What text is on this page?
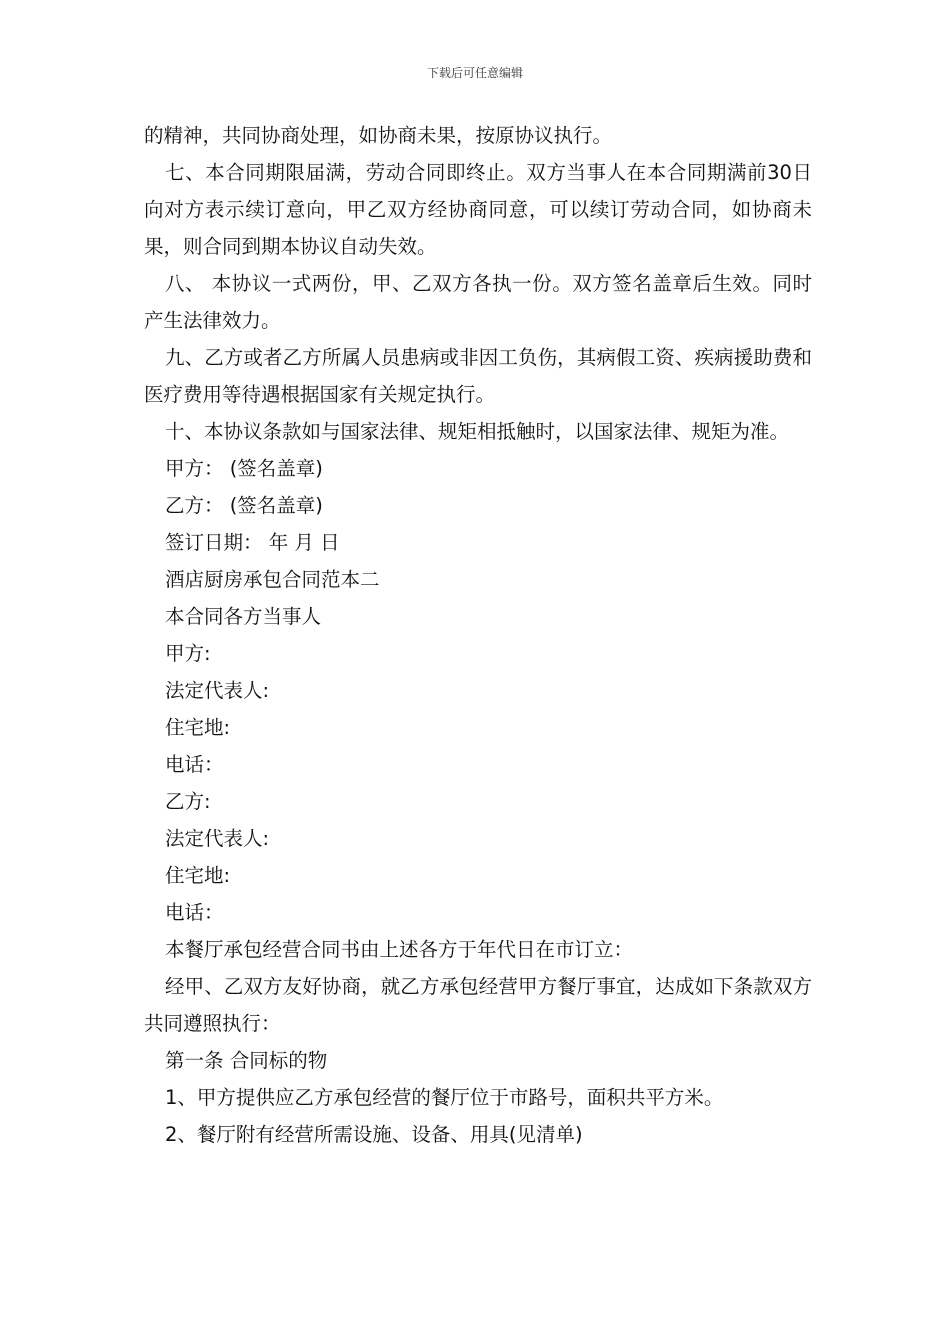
下载后可任意编辑

的精神，共同协商处理，如协商未果，按原协议执行。

七、本合同期限届满，劳动合同即终止。双方当事人在本合同期满前30日向对方表示续订意向，甲乙双方经协商同意，可以续订劳动合同，如协商未果，则合同到期本协议自动失效。

八、 本协议一式两份，甲、乙双方各执一份。双方签名盖章后生效。同时产生法律效力。

九、乙方或者乙方所属人员患病或非因工负伤，其病假工资、疾病援助费和医疗费用等待遇根据国家有关规定执行。

十、本协议条款如与国家法律、规矩相抵触时，以国家法律、规矩为准。

甲方： (签名盖章)

乙方： (签名盖章)

签订日期： 年 月 日

酒店厨房承包合同范本二

本合同各方当事人

甲方:

法定代表人:

住宅地:

电话：

乙方:

法定代表人:

住宅地:

电话：

本餐厅承包经营合同书由上述各方于年代日在市订立：

经甲、乙双方友好协商，就乙方承包经营甲方餐厅事宜，达成如下条款双方共同遵照执行：

第一条 合同标的物

1、甲方提供应乙方承包经营的餐厅位于市路号，面积共平方米。

2、餐厅附有经营所需设施、设备、用具(见清单)
